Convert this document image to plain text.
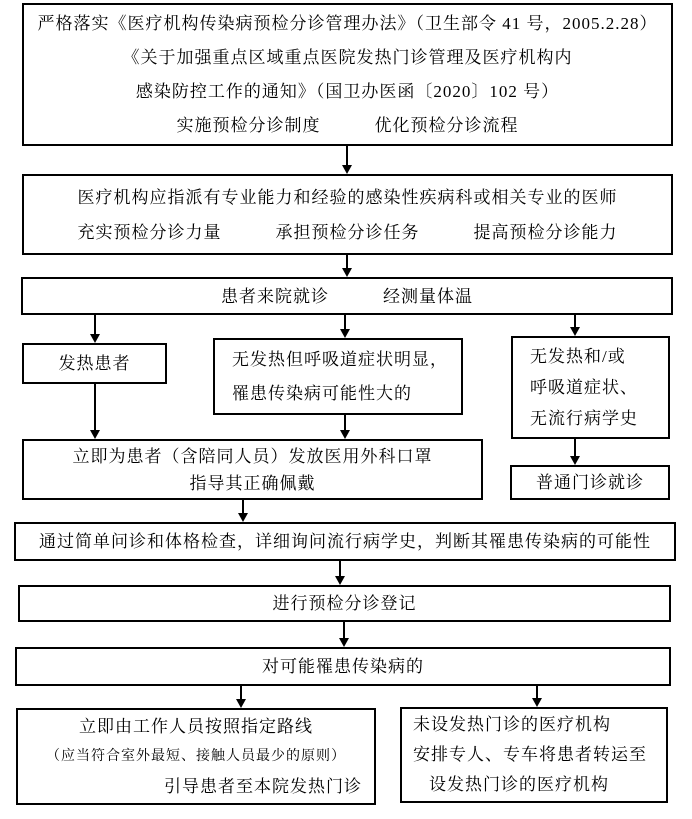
严格落实《医疗机构传染病预检分诊管理办法》（卫生部令 41 号，2005.2.28）
《关于加强重点区域重点医院发热门诊管理及医疗机构内
感染防控工作的通知》（国卫办医函〔2020〕102 号）
实施预检分诊制度　　　优化预检分诊流程
医疗机构应指派有专业能力和经验的感染性疾病科或相关专业的医师
充实预检分诊力量　　　承担预检分诊任务　　　提高预检分诊能力
患者来院就诊　　　经测量体温
发热患者	无发热但呼吸道症状明显，
罹患传染病可能性大的
无发热和/或
呼吸道症状、
无流行病学史
立即为患者（含陪同人员）发放医用外科口罩
指导其正确佩戴	普通门诊就诊
通过简单问诊和体格检查，详细询问流行病学史，判断其罹患传染病的可能性
进行预检分诊登记
对可能罹患传染病的
立即由工作人员按照指定路线
（应当符合室外最短、接触人员最少的原则）
引导患者至本院发热门诊
未设发热门诊的医疗机构
安排专人、专车将患者转运至
设发热门诊的医疗机构
